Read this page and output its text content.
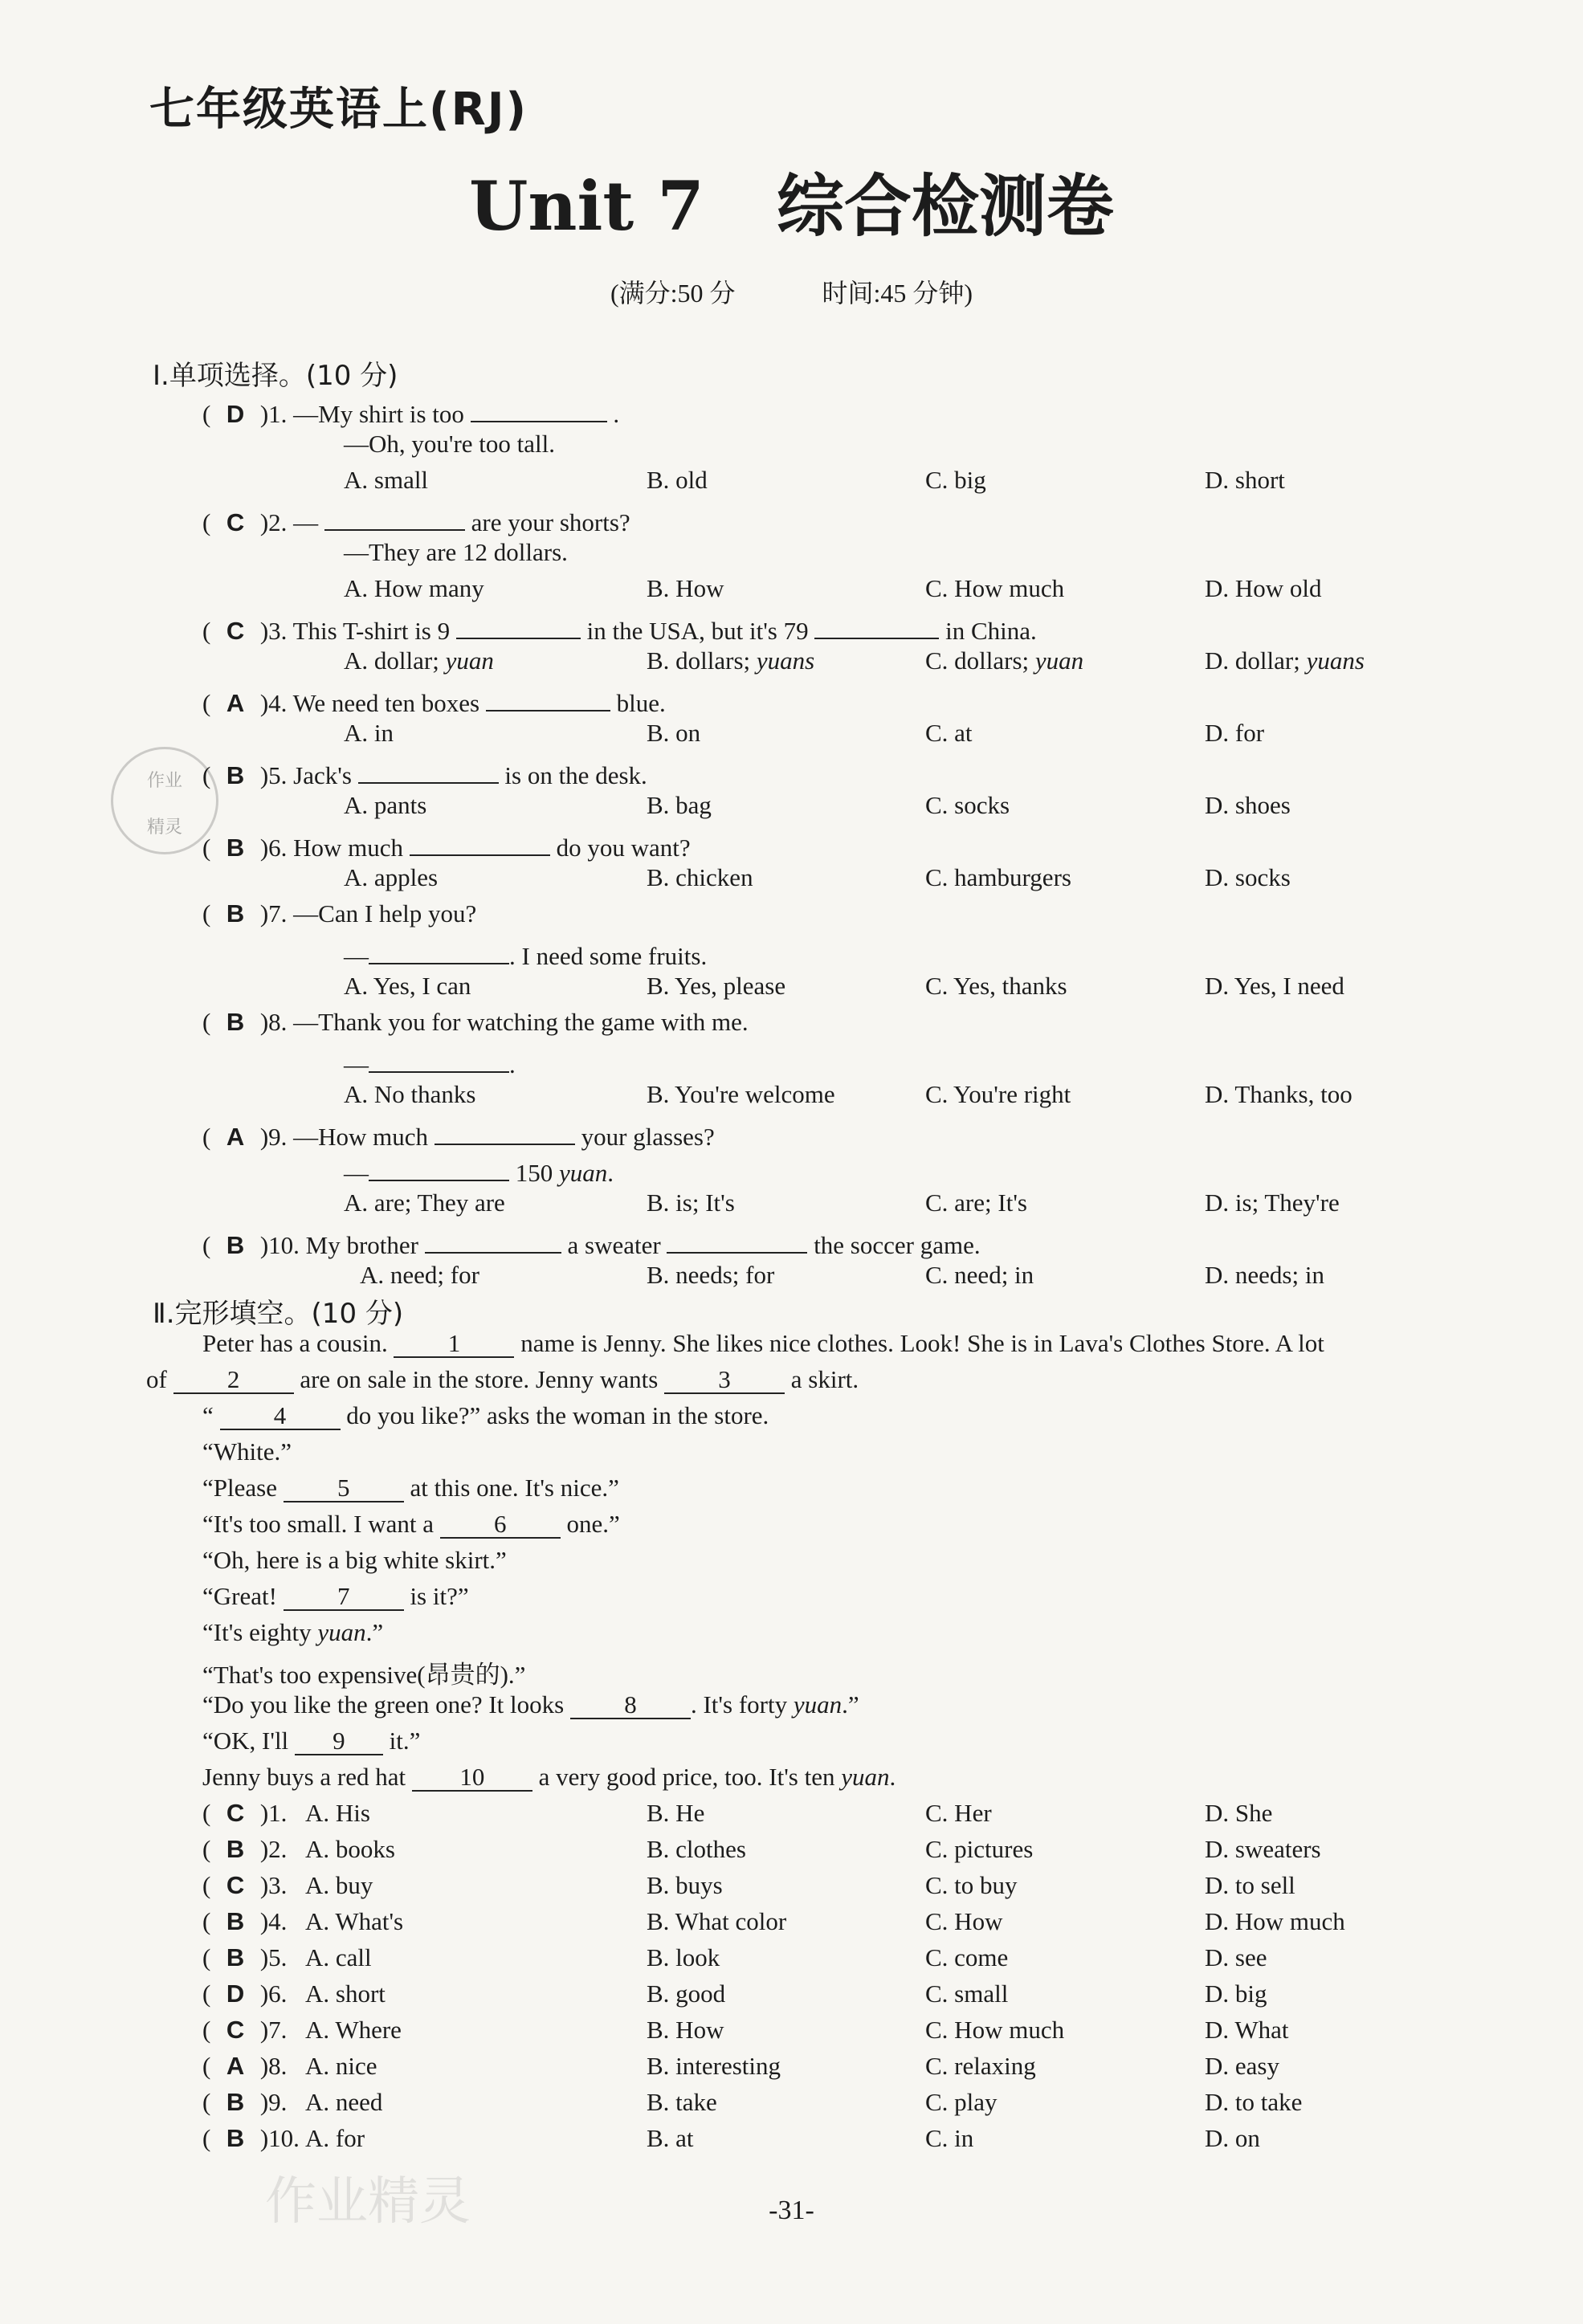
七年级英语上(RJ)
Unit 7 综合检测卷
(满分:50 分	时间:45 分钟)
作业
精灵
Ⅰ.单项选择。(10 分)
( D )1. —My shirt is too	.
—Oh, you're too tall.
A. small	B. old	C. big	D. short
( C )2. —	are your shorts?
—They are 12 dollars.
A. How many	B. How	C. How much	D. How old
( C )3. This T-shirt is 9	in the USA, but it's 79	in China.
A. dollar; yuan	B. dollars; yuans	C. dollars; yuan	D. dollar; yuans
( A )4. We need ten boxes	blue.
A. in	B. on	C. at	D. for
( B )5. Jack's	is on the desk.
A. pants	B. bag	C. socks	D. shoes
( B )6. How much	do you want?
A. apples	B. chicken	C. hamburgers	D. socks
( B )7. —Can I help you?
—	. I need some fruits.
A. Yes, I can	B. Yes, please	C. Yes, thanks	D. Yes, I need
( B )8. —Thank you for watching the game with me.
—	.
A. No thanks	B. You're welcome	C. You're right	D. Thanks, too
( A )9. —How much	your glasses?
—	150 yuan.
A. are; They are	B. is; It's	C. are; It's	D. is; They're
( B )10. My brother	a sweater	the soccer game.
A. need; for	B. needs; for	C. need; in	D. needs; in
Ⅱ.完形填空。(10 分)
Peter has a cousin. 1 name is Jenny. She likes nice clothes. Look! She is in Lava's Clothes Store. A lot
of 2 are on sale in the store. Jenny wants 3 a skirt.
“ 4 do you like?” asks the woman in the store.
“White.”
“Please 5 at this one. It's nice.”
“It's too small. I want a 6 one.”
“Oh, here is a big white skirt.”
“Great! 7 is it?”
“It's eighty yuan.”
“That's too expensive(昂贵的).”
“Do you like the green one? It looks 8 . It's forty yuan.”
“OK, I'll 9 it.”
Jenny buys a red hat 10 a very good price, too. It's ten yuan.
( C )1. A. His	B. He	C. Her	D. She
( B )2. A. books	B. clothes	C. pictures	D. sweaters
( C )3. A. buy	B. buys	C. to buy	D. to sell
( B )4. A. What's	B. What color	C. How	D. How much
( B )5. A. call	B. look	C. come	D. see
( D )6. A. short	B. good	C. small	D. big
( C )7. A. Where	B. How	C. How much	D. What
( A )8. A. nice	B. interesting	C. relaxing	D. easy
( B )9. A. need	B. take	C. play	D. to take
( B )10. A. for	B. at	C. in	D. on
作业精灵	-31-
